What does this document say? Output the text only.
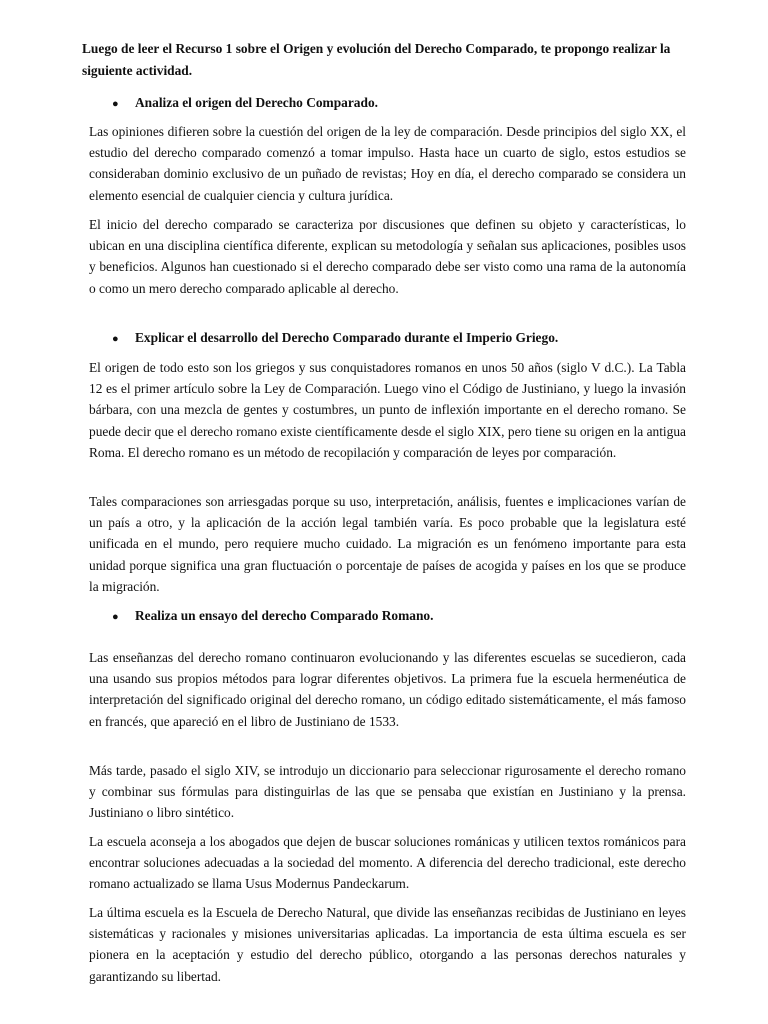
Luego de leer el Recurso 1 sobre el Origen y evolución del Derecho Comparado, te propongo realizar la siguiente actividad.

● Analiza el origen del Derecho Comparado.

Las opiniones difieren sobre la cuestión del origen de la ley de comparación. Desde principios del siglo XX, el estudio del derecho comparado comenzó a tomar impulso. Hasta hace un cuarto de siglo, estos estudios se consideraban dominio exclusivo de un puñado de revistas; Hoy en día, el derecho comparado se considera un elemento esencial de cualquier ciencia y cultura jurídica.

El inicio del derecho comparado se caracteriza por discusiones que definen su objeto y características, lo ubican en una disciplina científica diferente, explican su metodología y señalan sus aplicaciones, posibles usos y beneficios. Algunos han cuestionado si el derecho comparado debe ser visto como una rama de la autonomía o como un mero derecho comparado aplicable al derecho.

● Explicar el desarrollo del Derecho Comparado durante el Imperio Griego.

El origen de todo esto son los griegos y sus conquistadores romanos en unos 50 años (siglo V d.C.). La Tabla 12 es el primer artículo sobre la Ley de Comparación. Luego vino el Código de Justiniano, y luego la invasión bárbara, con una mezcla de gentes y costumbres, un punto de inflexión importante en el derecho romano. Se puede decir que el derecho romano existe científicamente desde el siglo XIX, pero tiene su origen en la antigua Roma. El derecho romano es un método de recopilación y comparación de leyes por comparación.

Tales comparaciones son arriesgadas porque su uso, interpretación, análisis, fuentes e implicaciones varían de un país a otro, y la aplicación de la acción legal también varía. Es poco probable que la legislatura esté unificada en el mundo, pero requiere mucho cuidado. La migración es un fenómeno importante para esta unidad porque significa una gran fluctuación o porcentaje de países de acogida y países en los que se produce la migración.

● Realiza un ensayo del derecho Comparado Romano.

Las enseñanzas del derecho romano continuaron evolucionando y las diferentes escuelas se sucedieron, cada una usando sus propios métodos para lograr diferentes objetivos. La primera fue la escuela hermenéutica de interpretación del significado original del derecho romano, un código editado sistemáticamente, el más famoso en francés, que apareció en el libro de Justiniano de 1533.

Más tarde, pasado el siglo XIV, se introdujo un diccionario para seleccionar rigurosamente el derecho romano y combinar sus fórmulas para distinguirlas de las que se pensaba que existían en Justiniano y la prensa. Justiniano o libro sintético.

La escuela aconseja a los abogados que dejen de buscar soluciones románicas y utilicen textos románicos para encontrar soluciones adecuadas a la sociedad del momento. A diferencia del derecho tradicional, este derecho romano actualizado se llama Usus Modernus Pandeckarum.

La última escuela es la Escuela de Derecho Natural, que divide las enseñanzas recibidas de Justiniano en leyes sistemáticas y racionales y misiones universitarias aplicadas. La importancia de esta última escuela es ser pionera en la aceptación y estudio del derecho público, otorgando a las personas derechos naturales y garantizando su libertad.
